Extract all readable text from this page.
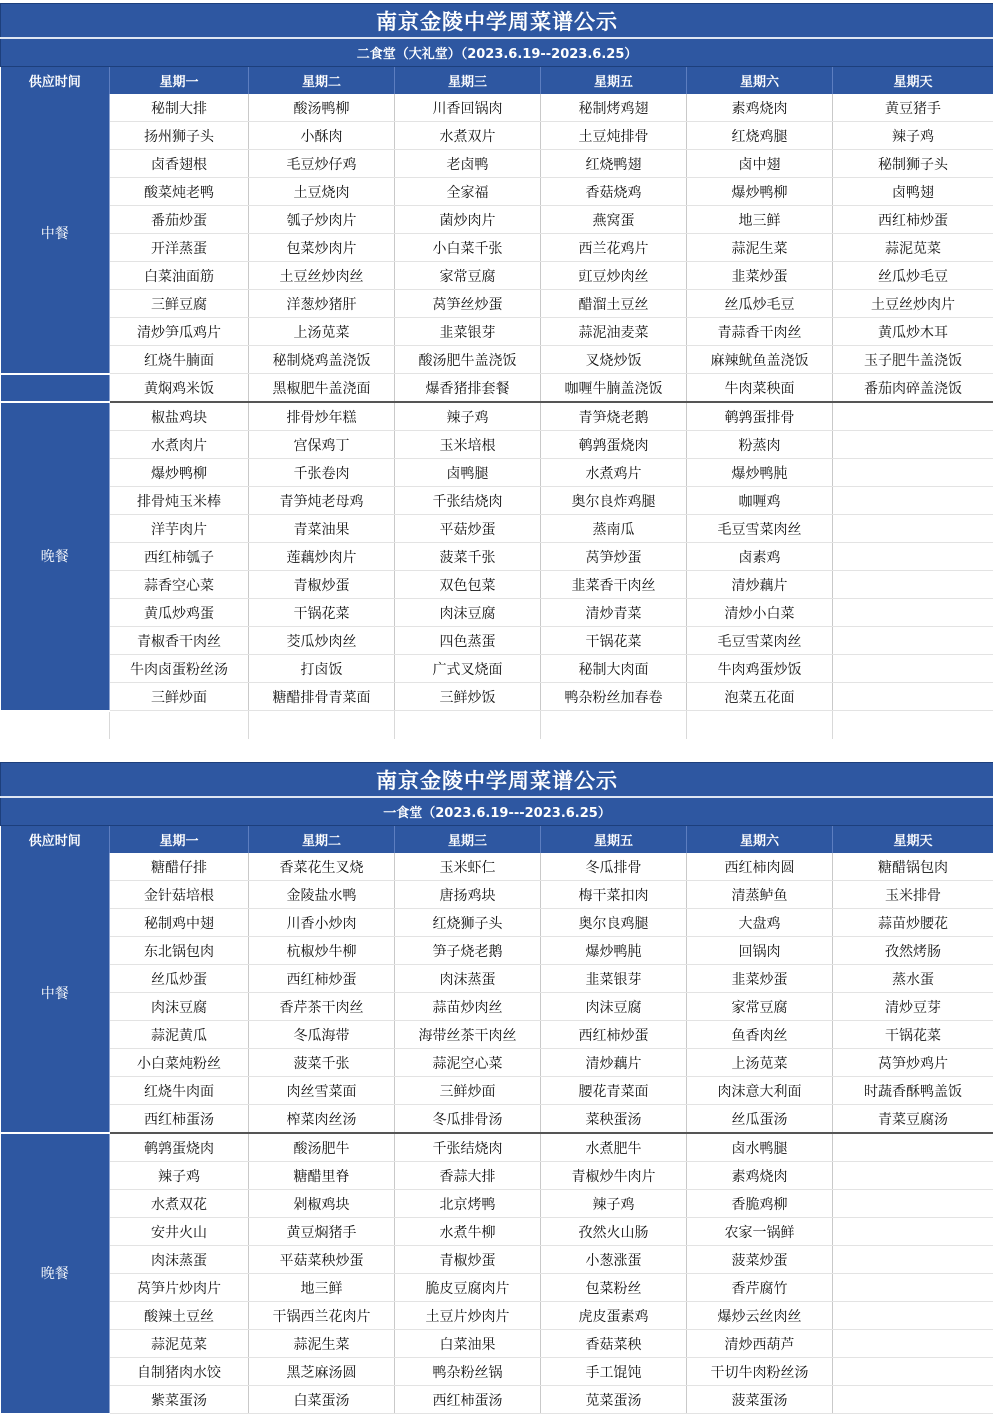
南京金陵中学周菜谱公示						
二食堂（大礼堂）（2023.6.19--2023.6.25）						
供应时间	星期一	星期二	星期三	星期五	星期六	星期天
中餐	秘制大排	酸汤鸭柳	川香回锅肉	秘制烤鸡翅	素鸡烧肉	黄豆猪手
	扬州狮子头	小酥肉	水煮双片	土豆炖排骨	红烧鸡腿	辣子鸡
	卤香翅根	毛豆炒仔鸡	老卤鸭	红烧鸭翅	卤中翅	秘制狮子头
	酸菜炖老鸭	土豆烧肉	全家福	香菇烧鸡	爆炒鸭柳	卤鸭翅
	番茄炒蛋	瓠子炒肉片	菌炒肉片	燕窝蛋	地三鲜	西红柿炒蛋
	开洋蒸蛋	包菜炒肉片	小白菜千张	西兰花鸡片	蒜泥生菜	蒜泥苋菜
	白菜油面筋	土豆丝炒肉丝	家常豆腐	豇豆炒肉丝	韭菜炒蛋	丝瓜炒毛豆
	三鲜豆腐	洋葱炒猪肝	莴笋丝炒蛋	醋溜土豆丝	丝瓜炒毛豆	土豆丝炒肉片
	清炒笋瓜鸡片	上汤苋菜	韭菜银芽	蒜泥油麦菜	青蒜香干肉丝	黄瓜炒木耳
	红烧牛腩面	秘制烧鸡盖浇饭	酸汤肥牛盖浇饭	叉烧炒饭	麻辣鱿鱼盖浇饭	玉子肥牛盖浇饭
	黄焖鸡米饭	黑椒肥牛盖浇面	爆香猪排套餐	咖喱牛腩盖浇饭	牛肉菜秧面	番茄肉碎盖浇饭
晚餐	椒盐鸡块	排骨炒年糕	辣子鸡	青笋烧老鹅	鹌鹑蛋排骨	
	水煮肉片	宫保鸡丁	玉米培根	鹌鹑蛋烧肉	粉蒸肉	
	爆炒鸭柳	千张卷肉	卤鸭腿	水煮鸡片	爆炒鸭肫	
	排骨炖玉米棒	青笋炖老母鸡	千张结烧肉	奥尔良炸鸡腿	咖喱鸡	
	洋芋肉片	青菜油果	平菇炒蛋	蒸南瓜	毛豆雪菜肉丝	
	西红柿瓠子	莲藕炒肉片	菠菜千张	莴笋炒蛋	卤素鸡	
	蒜香空心菜	青椒炒蛋	双色包菜	韭菜香干肉丝	清炒藕片	
	黄瓜炒鸡蛋	干锅花菜	肉沫豆腐	清炒青菜	清炒小白菜	
	青椒香干肉丝	茭瓜炒肉丝	四色蒸蛋	干锅花菜	毛豆雪菜肉丝	
	牛肉卤蛋粉丝汤	打卤饭	广式叉烧面	秘制大肉面	牛肉鸡蛋炒饭	
	三鲜炒面	糖醋排骨青菜面	三鲜炒饭	鸭杂粉丝加春卷	泡菜五花面	

南京金陵中学周菜谱公示						
一食堂（2023.6.19---2023.6.25）						
供应时间	星期一	星期二	星期三	星期五	星期六	星期天
中餐	糖醋仔排	香菜花生叉烧	玉米虾仁	冬瓜排骨	西红柿肉圆	糖醋锅包肉
	金针菇培根	金陵盐水鸭	唐扬鸡块	梅干菜扣肉	清蒸鲈鱼	玉米排骨
	秘制鸡中翅	川香小炒肉	红烧狮子头	奥尔良鸡腿	大盘鸡	蒜苗炒腰花
	东北锅包肉	杭椒炒牛柳	笋子烧老鹅	爆炒鸭肫	回锅肉	孜然烤肠
	丝瓜炒蛋	西红柿炒蛋	肉沫蒸蛋	韭菜银芽	韭菜炒蛋	蒸水蛋
	肉沫豆腐	香芹茶干肉丝	蒜苗炒肉丝	肉沫豆腐	家常豆腐	清炒豆芽
	蒜泥黄瓜	冬瓜海带	海带丝茶干肉丝	西红柿炒蛋	鱼香肉丝	干锅花菜
	小白菜炖粉丝	菠菜千张	蒜泥空心菜	清炒藕片	上汤苋菜	莴笋炒鸡片
	红烧牛肉面	肉丝雪菜面	三鲜炒面	腰花青菜面	肉沫意大利面	时蔬香酥鸭盖饭
	西红柿蛋汤	榨菜肉丝汤	冬瓜排骨汤	菜秧蛋汤	丝瓜蛋汤	青菜豆腐汤
晚餐	鹌鹑蛋烧肉	酸汤肥牛	千张结烧肉	水煮肥牛	卤水鸭腿	
	辣子鸡	糖醋里脊	香蒜大排	青椒炒牛肉片	素鸡烧肉	
	水煮双花	剁椒鸡块	北京烤鸭	辣子鸡	香脆鸡柳	
	安井火山	黄豆焖猪手	水煮牛柳	孜然火山肠	农家一锅鲜	
	肉沫蒸蛋	平菇菜秧炒蛋	青椒炒蛋	小葱涨蛋	菠菜炒蛋	
	莴笋片炒肉片	地三鲜	脆皮豆腐肉片	包菜粉丝	香芹腐竹	
	酸辣土豆丝	干锅西兰花肉片	土豆片炒肉片	虎皮蛋素鸡	爆炒云丝肉丝	
	蒜泥苋菜	蒜泥生菜	白菜油果	香菇菜秧	清炒西葫芦	
	自制猪肉水饺	黑芝麻汤圆	鸭杂粉丝锅	手工馄饨	干切牛肉粉丝汤	
	紫菜蛋汤	白菜蛋汤	西红柿蛋汤	苋菜蛋汤	菠菜蛋汤	
